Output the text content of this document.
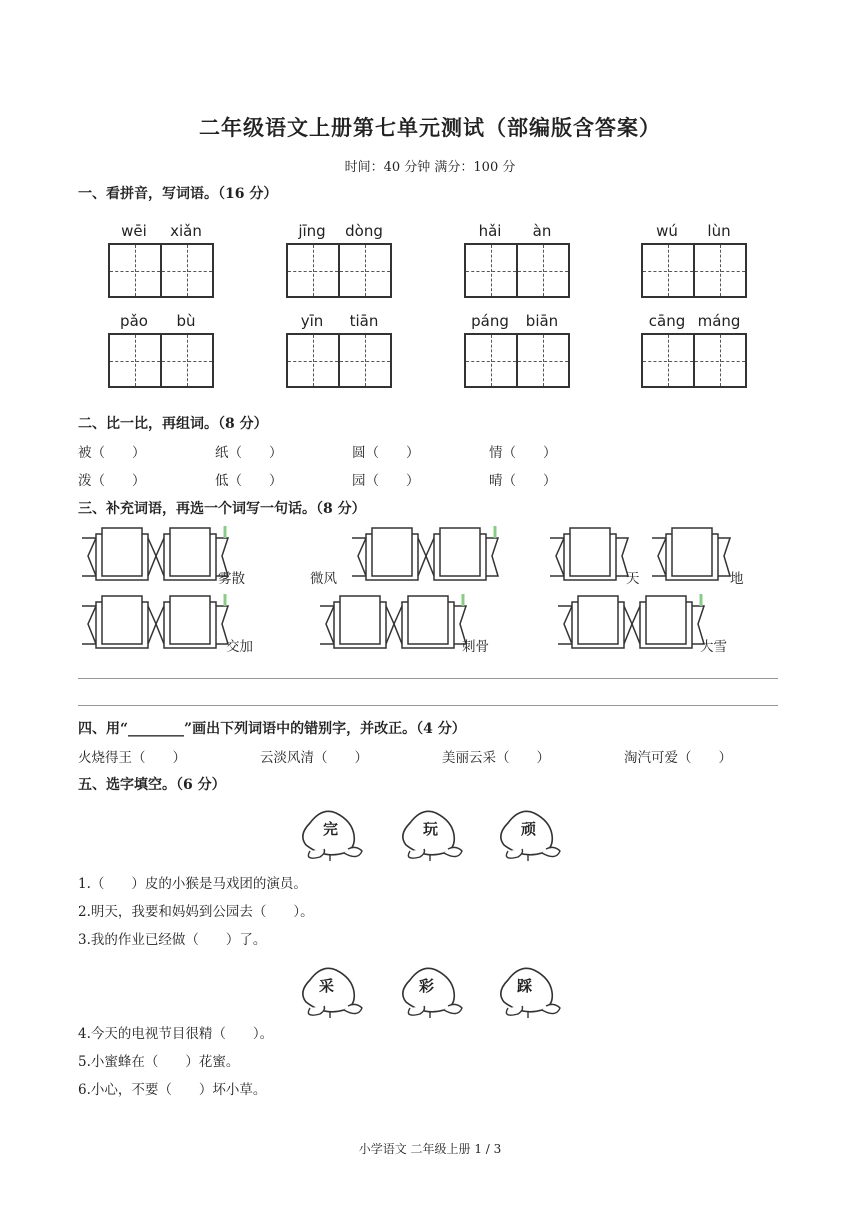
二年级语文上册第七单元测试（部编版含答案）
时间：40 分钟 满分：100 分
一、看拼音，写词语。（16 分）
wēi	xiǎn	jīng	dòng	hǎi	àn	wú	lùn
pǎo	bù	yīn	tiān	páng	biān	cāng máng
二、比一比，再组词。（8 分）
被（　　）	纸（　　）	圆（　　）	情（　　）
泼（　　）	低（　　）	园（　　）	晴（　　）
三、补充词语，再选一个词写一句话。（8 分）
雾散	微风	天	地
交加	刺骨	大雪
四、用“________”画出下列词语中的错别字，并改正。（4 分）
火烧得王（　　）	云淡风清（　　）	美丽云采（　　）	淘汽可爱（　　）
五、选字填空。（6 分）
完	玩	顽
1.（　　）皮的小猴是马戏团的演员。
2.明天，我要和妈妈到公园去（　　）。
3.我的作业已经做（　　）了。
采	彩	踩
4.今天的电视节目很精（　　）。
5.小蜜蜂在（　　）花蜜。
6.小心，不要（　　）坏小草。
小学语文 二年级上册 1 / 3
